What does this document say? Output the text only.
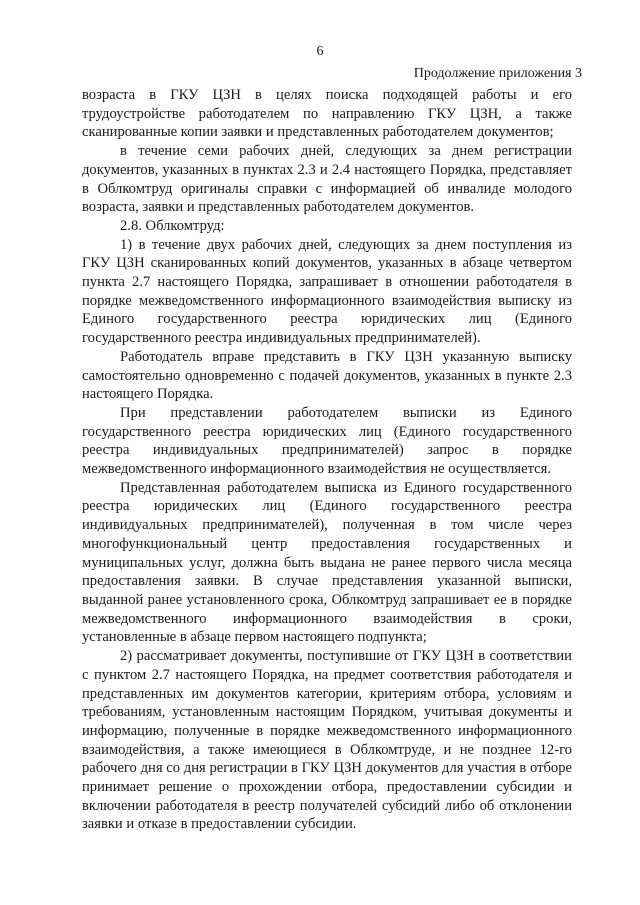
6
Продолжение приложения 3

возраста в ГКУ ЦЗН в целях поиска подходящей работы и его трудоустройстве работодателем по направлению ГКУ ЦЗН, а также сканированные копии заявки и представленных работодателем документов;

в течение семи рабочих дней, следующих за днем регистрации документов, указанных в пунктах 2.3 и 2.4 настоящего Порядка, представляет в Облкомтруд оригиналы справки с информацией об инвалиде молодого возраста, заявки и представленных работодателем документов.

2.8. Облкомтруд:

1) в течение двух рабочих дней, следующих за днем поступления из ГКУ ЦЗН сканированных копий документов, указанных в абзаце четвертом пункта 2.7 настоящего Порядка, запрашивает в отношении работодателя в порядке межведомственного информационного взаимодействия выписку из Единого государственного реестра юридических лиц (Единого государственного реестра индивидуальных предпринимателей).

Работодатель вправе представить в ГКУ ЦЗН указанную выписку самостоятельно одновременно с подачей документов, указанных в пункте 2.3 настоящего Порядка.

При представлении работодателем выписки из Единого государственного реестра юридических лиц (Единого государственного реестра индивидуальных предпринимателей) запрос в порядке межведомственного информационного взаимодействия не осуществляется.

Представленная работодателем выписка из Единого государственного реестра юридических лиц (Единого государственного реестра индивидуальных предпринимателей), полученная в том числе через многофункциональный центр предоставления государственных и муниципальных услуг, должна быть выдана не ранее первого числа месяца предоставления заявки. В случае представления указанной выписки, выданной ранее установленного срока, Облкомтруд запрашивает ее в порядке межведомственного информационного взаимодействия в сроки, установленные в абзаце первом настоящего подпункта;

2) рассматривает документы, поступившие от ГКУ ЦЗН в соответствии с пунктом 2.7 настоящего Порядка, на предмет соответствия работодателя и представленных им документов категории, критериям отбора, условиям и требованиям, установленным настоящим Порядком, учитывая документы и информацию, полученные в порядке межведомственного информационного взаимодействия, а также имеющиеся в Облкомтруде, и не позднее 12-го рабочего дня со дня регистрации в ГКУ ЦЗН документов для участия в отборе принимает решение о прохождении отбора, предоставлении субсидии и включении работодателя в реестр получателей субсидий либо об отклонении заявки и отказе в предоставлении субсидии.
